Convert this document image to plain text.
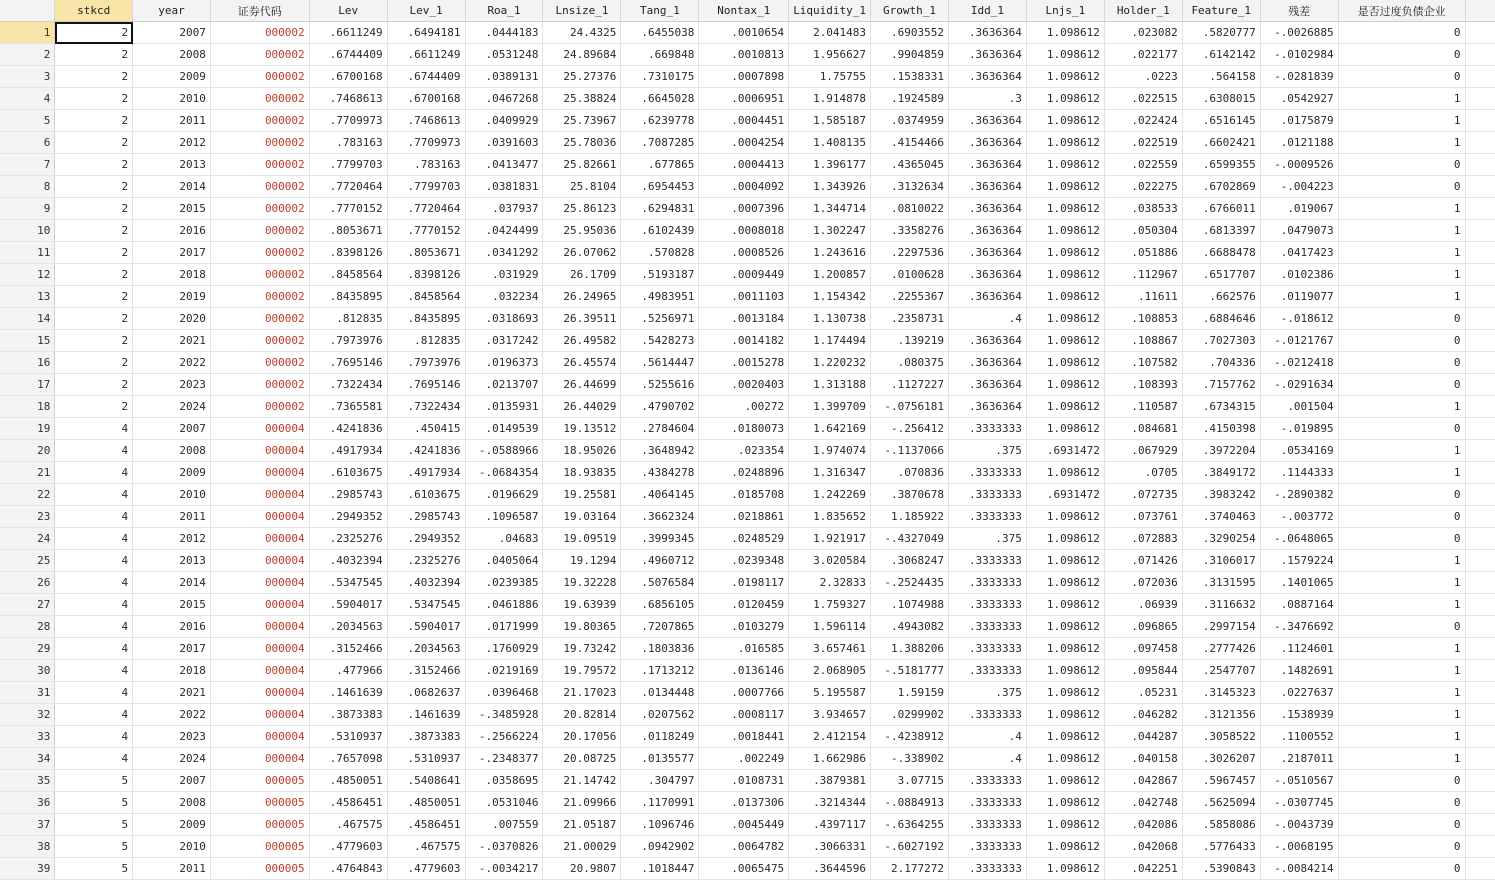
	stkcd	year	证券代码	Lev	Lev_1	Roa_1	Lnsize_1	Tang_1	Nontax_1	Liquidity_1	Growth_1	Idd_1	Lnjs_1	Holder_1	Feature_1	残差	是否过度负债企业	
1	2	2007	000002	.6611249	.6494181	.0444183	24.4325	.6455038	.0010654	2.041483	.6903552	.3636364	1.098612	.023082	.5820777	-.0026885	0	
2	2	2008	000002	.6744409	.6611249	.0531248	24.89684	.669848	.0010813	1.956627	.9904859	.3636364	1.098612	.022177	.6142142	-.0102984	0	
3	2	2009	000002	.6700168	.6744409	.0389131	25.27376	.7310175	.0007898	1.75755	.1538331	.3636364	1.098612	.0223	.564158	-.0281839	0	
4	2	2010	000002	.7468613	.6700168	.0467268	25.38824	.6645028	.0006951	1.914878	.1924589	.3	1.098612	.022515	.6308015	.0542927	1	
5	2	2011	000002	.7709973	.7468613	.0409929	25.73967	.6239778	.0004451	1.585187	.0374959	.3636364	1.098612	.022424	.6516145	.0175879	1	
6	2	2012	000002	.783163	.7709973	.0391603	25.78036	.7087285	.0004254	1.408135	.4154466	.3636364	1.098612	.022519	.6602421	.0121188	1	
7	2	2013	000002	.7799703	.783163	.0413477	25.82661	.677865	.0004413	1.396177	.4365045	.3636364	1.098612	.022559	.6599355	-.0009526	0	
8	2	2014	000002	.7720464	.7799703	.0381831	25.8104	.6954453	.0004092	1.343926	.3132634	.3636364	1.098612	.022275	.6702869	-.004223	0	
9	2	2015	000002	.7770152	.7720464	.037937	25.86123	.6294831	.0007396	1.344714	.0810022	.3636364	1.098612	.038533	.6766011	.019067	1	
10	2	2016	000002	.8053671	.7770152	.0424499	25.95036	.6102439	.0008018	1.302247	.3358276	.3636364	1.098612	.050304	.6813397	.0479073	1	
11	2	2017	000002	.8398126	.8053671	.0341292	26.07062	.570828	.0008526	1.243616	.2297536	.3636364	1.098612	.051886	.6688478	.0417423	1	
12	2	2018	000002	.8458564	.8398126	.031929	26.1709	.5193187	.0009449	1.200857	.0100628	.3636364	1.098612	.112967	.6517707	.0102386	1	
13	2	2019	000002	.8435895	.8458564	.032234	26.24965	.4983951	.0011103	1.154342	.2255367	.3636364	1.098612	.11611	.662576	.0119077	1	
14	2	2020	000002	.812835	.8435895	.0318693	26.39511	.5256971	.0013184	1.130738	.2358731	.4	1.098612	.108853	.6884646	-.018612	0	
15	2	2021	000002	.7973976	.812835	.0317242	26.49582	.5428273	.0014182	1.174494	.139219	.3636364	1.098612	.108867	.7027303	-.0121767	0	
16	2	2022	000002	.7695146	.7973976	.0196373	26.45574	.5614447	.0015278	1.220232	.080375	.3636364	1.098612	.107582	.704336	-.0212418	0	
17	2	2023	000002	.7322434	.7695146	.0213707	26.44699	.5255616	.0020403	1.313188	.1127227	.3636364	1.098612	.108393	.7157762	-.0291634	0	
18	2	2024	000002	.7365581	.7322434	.0135931	26.44029	.4790702	.00272	1.399709	-.0756181	.3636364	1.098612	.110587	.6734315	.001504	1	
19	4	2007	000004	.4241836	.450415	.0149539	19.13512	.2784604	.0180073	1.642169	-.256412	.3333333	1.098612	.084681	.4150398	-.019895	0	
20	4	2008	000004	.4917934	.4241836	-.0588966	18.95026	.3648942	.023354	1.974074	-.1137066	.375	.6931472	.067929	.3972204	.0534169	1	
21	4	2009	000004	.6103675	.4917934	-.0684354	18.93835	.4384278	.0248896	1.316347	.070836	.3333333	1.098612	.0705	.3849172	.1144333	1	
22	4	2010	000004	.2985743	.6103675	.0196629	19.25581	.4064145	.0185708	1.242269	.3870678	.3333333	.6931472	.072735	.3983242	-.2890382	0	
23	4	2011	000004	.2949352	.2985743	.1096587	19.03164	.3662324	.0218861	1.835652	1.185922	.3333333	1.098612	.073761	.3740463	-.003772	0	
24	4	2012	000004	.2325276	.2949352	.04683	19.09519	.3999345	.0248529	1.921917	-.4327049	.375	1.098612	.072883	.3290254	-.0648065	0	
25	4	2013	000004	.4032394	.2325276	.0405064	19.1294	.4960712	.0239348	3.020584	.3068247	.3333333	1.098612	.071426	.3106017	.1579224	1	
26	4	2014	000004	.5347545	.4032394	.0239385	19.32228	.5076584	.0198117	2.32833	-.2524435	.3333333	1.098612	.072036	.3131595	.1401065	1	
27	4	2015	000004	.5904017	.5347545	.0461886	19.63939	.6856105	.0120459	1.759327	.1074988	.3333333	1.098612	.06939	.3116632	.0887164	1	
28	4	2016	000004	.2034563	.5904017	.0171999	19.80365	.7207865	.0103279	1.596114	.4943082	.3333333	1.098612	.096865	.2997154	-.3476692	0	
29	4	2017	000004	.3152466	.2034563	.1760929	19.73242	.1803836	.016585	3.657461	1.388206	.3333333	1.098612	.097458	.2777426	.1124601	1	
30	4	2018	000004	.477966	.3152466	.0219169	19.79572	.1713212	.0136146	2.068905	-.5181777	.3333333	1.098612	.095844	.2547707	.1482691	1	
31	4	2021	000004	.1461639	.0682637	.0396468	21.17023	.0134448	.0007766	5.195587	1.59159	.375	1.098612	.05231	.3145323	.0227637	1	
32	4	2022	000004	.3873383	.1461639	-.3485928	20.82814	.0207562	.0008117	3.934657	.0299902	.3333333	1.098612	.046282	.3121356	.1538939	1	
33	4	2023	000004	.5310937	.3873383	-.2566224	20.17056	.0118249	.0018441	2.412154	-.4238912	.4	1.098612	.044287	.3058522	.1100552	1	
34	4	2024	000004	.7657098	.5310937	-.2348377	20.08725	.0135577	.002249	1.662986	-.338902	.4	1.098612	.040158	.3026207	.2187011	1	
35	5	2007	000005	.4850051	.5408641	.0358695	21.14742	.304797	.0108731	.3879381	3.07715	.3333333	1.098612	.042867	.5967457	-.0510567	0	
36	5	2008	000005	.4586451	.4850051	.0531046	21.09966	.1170991	.0137306	.3214344	-.0884913	.3333333	1.098612	.042748	.5625094	-.0307745	0	
37	5	2009	000005	.467575	.4586451	.007559	21.05187	.1096746	.0045449	.4397117	-.6364255	.3333333	1.098612	.042086	.5858086	-.0043739	0	
38	5	2010	000005	.4779603	.467575	-.0370826	21.00029	.0942902	.0064782	.3066331	-.6027192	.3333333	1.098612	.042068	.5776433	-.0068195	0	
39	5	2011	000005	.4764843	.4779603	-.0034217	20.9807	.1018447	.0065475	.3644596	2.177272	.3333333	1.098612	.042251	.5390843	-.0084214	0	
